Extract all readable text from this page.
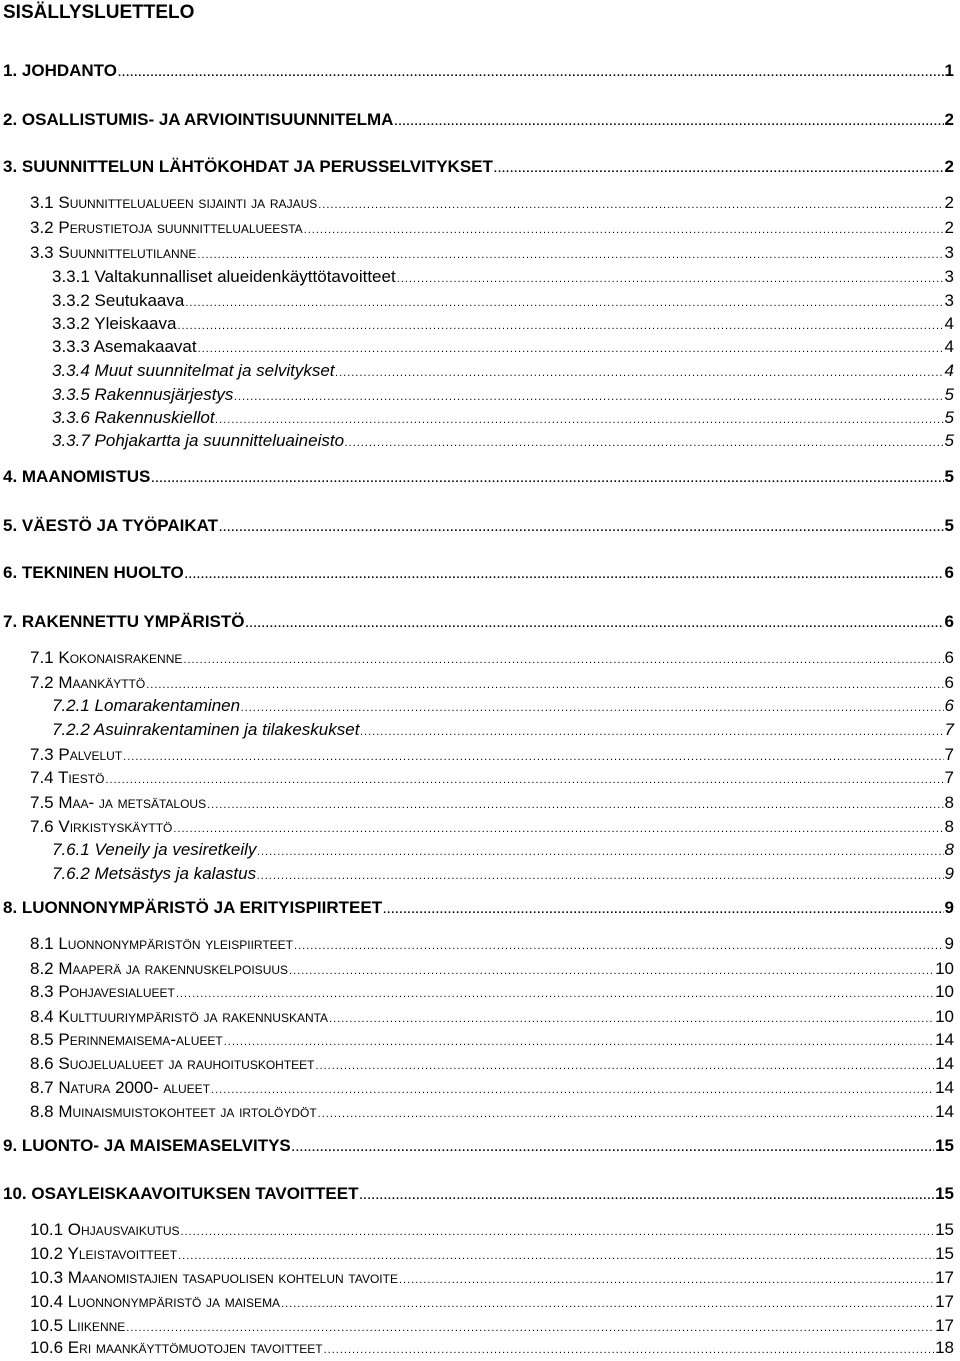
SISÄLLYSLUETTELO
1. JOHDANTO .....	1
2. OSALLISTUMIS- JA ARVIOINTISUUNNITELMA .....	2
3. SUUNNITTELUN LÄHTÖKOHDAT JA PERUSSELVITYKSET .....	2
3.1 Suunnittelualueen sijainti ja rajaus .....	2
3.2 Perustietoja suunnittelualueesta .....	2
3.3 Suunnittelutilanne .....	3
3.3.1 Valtakunnalliset alueidenkäyttötavoitteet .....	3
3.3.2 Seutukaava .....	3
3.3.2 Yleiskaava .....	4
3.3.3 Asemakaavat .....	4
3.3.4 Muut suunnitelmat ja selvitykset .....	4
3.3.5 Rakennusjärjestys .....	5
3.3.6 Rakennuskiellot .....	5
3.3.7 Pohjakartta ja suunnitteluaineisto .....	5
4. MAANOMISTUS .....	5
5. VÄESTÖ JA TYÖPAIKAT .....	5
6. TEKNINEN HUOLTO .....	6
7. RAKENNETTU YMPÄRISTÖ .....	6
7.1 Kokonaisrakenne .....	6
7.2 Maankäyttö .....	6
7.2.1 Lomarakentaminen .....	6
7.2.2 Asuinrakentaminen ja tilakeskukset .....	7
7.3 Palvelut .....	7
7.4 Tiestö .....	7
7.5 Maa- ja metsätalous .....	8
7.6 Virkistyskäyttö .....	8
7.6.1 Veneily ja vesiretkeily .....	8
7.6.2 Metsästys ja kalastus .....	9
8. LUONNONYMPÄRISTÖ JA ERITYISPIIRTEET .....	9
8.1 Luonnonympäristön yleispiirteet .....	9
8.2 Maaperä ja rakennuskelpoisuus .....	10
8.3 Pohjavesialueet .....	10
8.4 Kulttuuriympäristö ja rakennuskanta .....	10
8.5 Perinnemaisema-alueet .....	14
8.6 Suojelualueet ja rauhoituskohteet .....	14
8.7 Natura 2000- alueet .....	14
8.8 Muinaismuistokohteet ja irtolöydöt .....	14
9. LUONTO- JA MAISEMASELVITYS .....	15
10. OSAYLEISKAAVOITUKSEN TAVOITTEET .....	15
10.1 Ohjausvaikutus .....	15
10.2 Yleistavoitteet .....	15
10.3 Maanomistajien tasapuolisen kohtelun tavoite .....	17
10.4 Luonnonympäristö ja maisema .....	17
10.5 Liikenne .....	17
10.6 Eri maankäyttömuotojen tavoitteet .....	18
